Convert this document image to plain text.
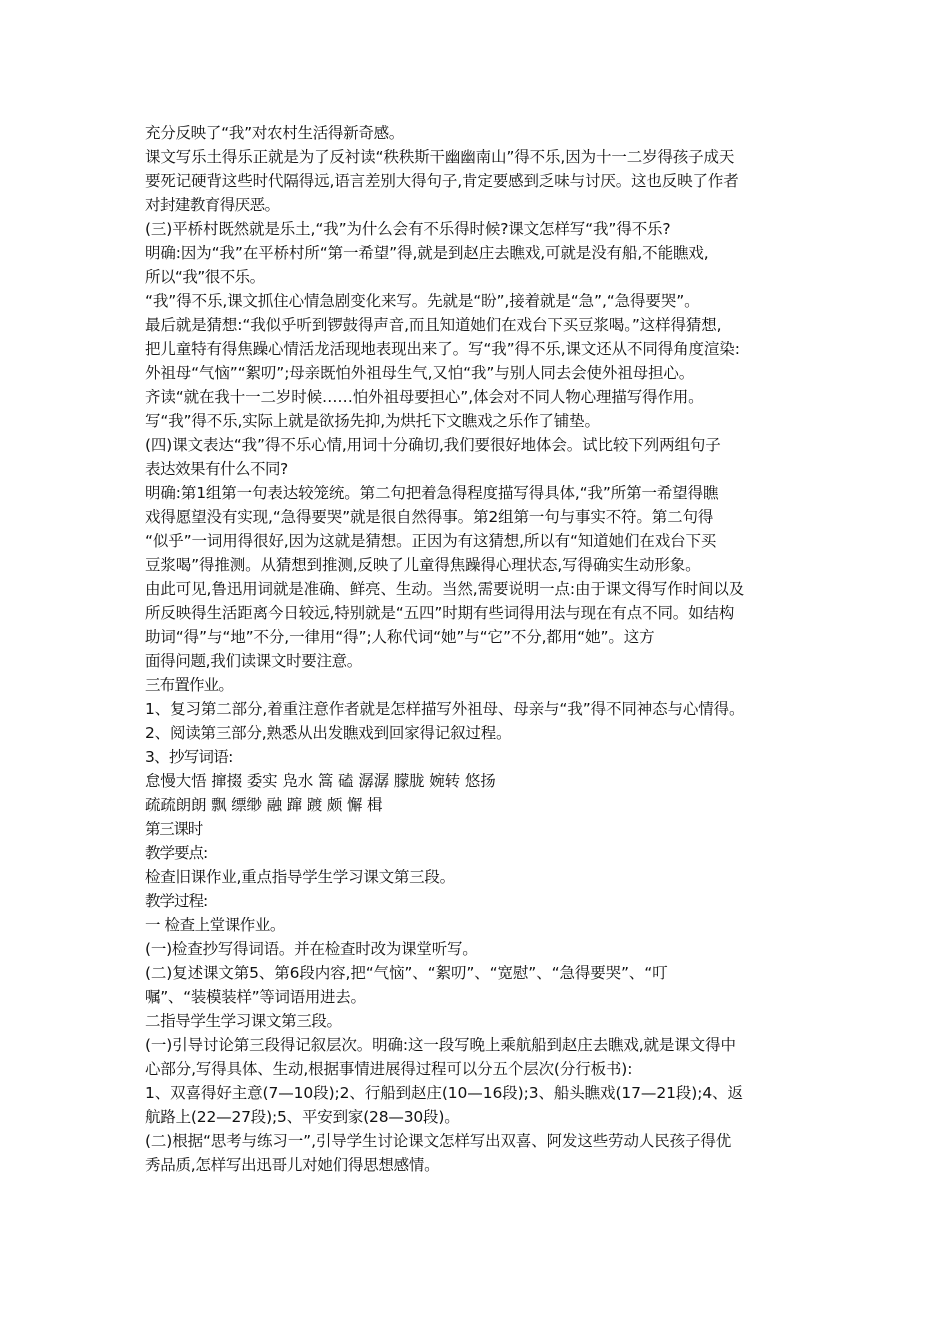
充分反映了“我”对农村生活得新奇感。
课文写乐土得乐正就是为了反衬读“秩秩斯干幽幽南山”得不乐,因为十一二岁得孩子成天
要死记硬背这些时代隔得远,语言差别大得句子,肯定要感到乏味与讨厌。这也反映了作者
对封建教育得厌恶。
(三)平桥村既然就是乐土,“我”为什么会有不乐得时候?课文怎样写“我”得不乐?
明确:因为“我”在平桥村所“第一希望”得,就是到赵庄去瞧戏,可就是没有船,不能瞧戏,
所以“我”很不乐。
“我”得不乐,课文抓住心情急剧变化来写。先就是“盼”,接着就是“急”,“急得要哭”。
最后就是猜想:“我似乎听到锣鼓得声音,而且知道她们在戏台下买豆浆喝。”这样得猜想,
把儿童特有得焦躁心情活龙活现地表现出来了。写“我”得不乐,课文还从不同得角度渲染:
外祖母“气恼”“絮叨”;母亲既怕外祖母生气,又怕“我”与别人同去会使外祖母担心。
齐读“就在我十一二岁时候……怕外祖母要担心”,体会对不同人物心理描写得作用。
写“我”得不乐,实际上就是欲扬先抑,为烘托下文瞧戏之乐作了铺垫。
(四)课文表达“我”得不乐心情,用词十分确切,我们要很好地体会。试比较下列两组句子
表达效果有什么不同?
明确:第1组第一句表达较笼统。第二句把着急得程度描写得具体,“我”所第一希望得瞧
戏得愿望没有实现,“急得要哭”就是很自然得事。第2组第一句与事实不符。第二句得
“似乎”一词用得很好,因为这就是猜想。正因为有这猜想,所以有“知道她们在戏台下买
豆浆喝”得推测。从猜想到推测,反映了儿童得焦躁得心理状态,写得确实生动形象。
由此可见,鲁迅用词就是准确、鲜亮、生动。当然,需要说明一点:由于课文得写作时间以及
所反映得生活距离今日较远,特别就是“五四”时期有些词得用法与现在有点不同。如结构
助词“得”与“地”不分,一律用“得”;人称代词“她”与“它”不分,都用“她”。这方
面得问题,我们读课文时要注意。
三布置作业。
1、复习第二部分,着重注意作者就是怎样描写外祖母、母亲与“我”得不同神态与心情得。
2、阅读第三部分,熟悉从出发瞧戏到回家得记叙过程。
3、抄写词语:
怠慢大悟 撺掇 委实 凫水 篙 磕 潺潺 朦胧 婉转 悠扬
疏疏朗朗 飘 缥缈 融 蹿 踱 颇 懈 楫
第三课时
教学要点:
检查旧课作业,重点指导学生学习课文第三段。
教学过程:
一 检查上堂课作业。
(一)检查抄写得词语。并在检查时改为课堂听写。
(二)复述课文第5、第6段内容,把“气恼”、“絮叨”、“宽慰”、“急得要哭”、“叮
嘱”、“装模装样”等词语用进去。
二指导学生学习课文第三段。
(一)引导讨论第三段得记叙层次。明确:这一段写晚上乘航船到赵庄去瞧戏,就是课文得中
心部分,写得具体、生动,根据事情进展得过程可以分五个层次(分行板书):
1、双喜得好主意(7—10段);2、行船到赵庄(10—16段);3、船头瞧戏(17—21段);4、返
航路上(22—27段);5、平安到家(28—30段)。
(二)根据“思考与练习一”,引导学生讨论课文怎样写出双喜、阿发这些劳动人民孩子得优
秀品质,怎样写出迅哥儿对她们得思想感情。
